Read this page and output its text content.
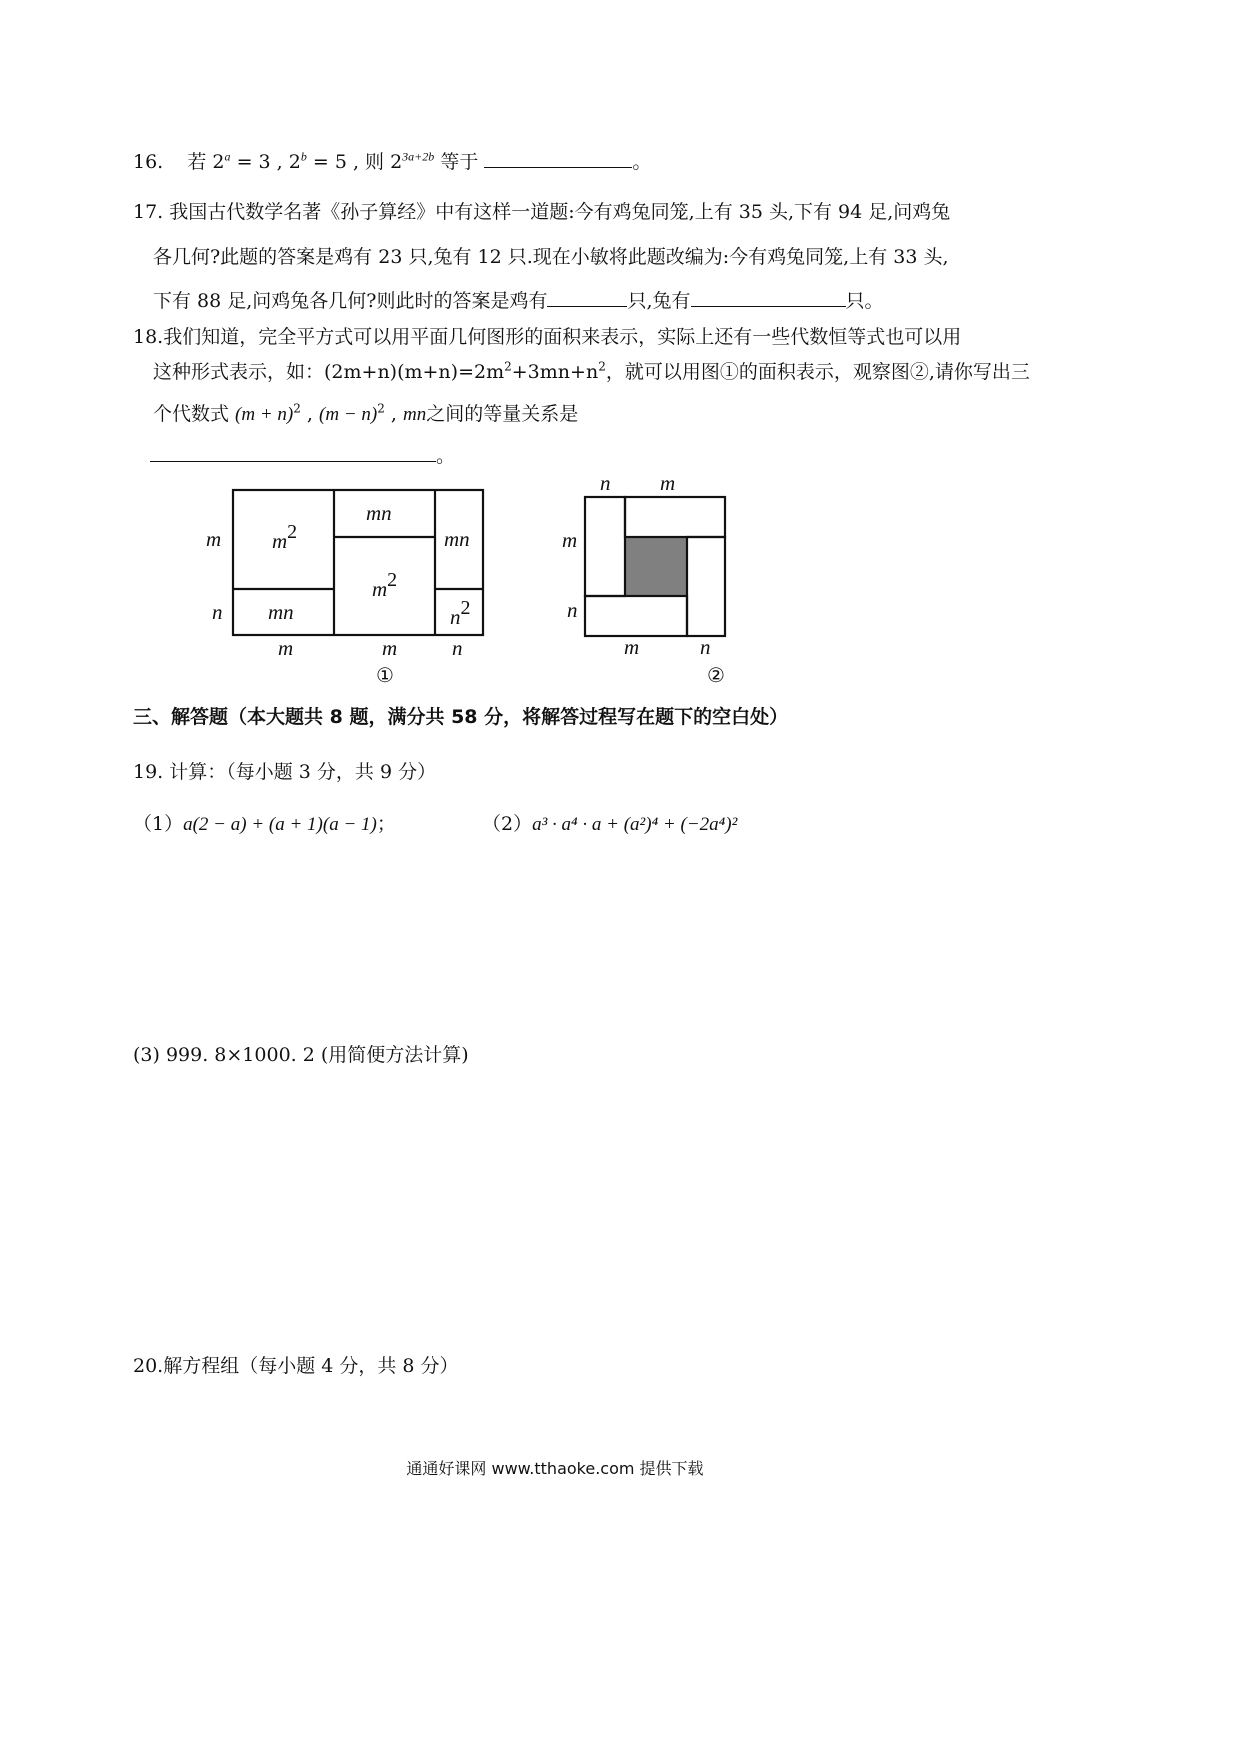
16. 若 $2^a = 3$ , $2^b = 5$ , 则 $2^{3a+2b}$ 等于	。
17. 我国古代数学名著《孙子算经》中有这样一道题:今有鸡兔同笼,上有 35 头,下有 94 足,问鸡兔
各几何?此题的答案是鸡有 23 只,兔有 12 只.现在小敏将此题改编为:今有鸡兔同笼,上有 33 头,
下有 88 足,问鸡兔各几何?则此时的答案是鸡有	只,兔有	只。
18.我们知道，完全平方式可以用平面几何图形的面积来表示，实际上还有一些代数恒等式也可以用
这种形式表示，如：$(2m+n)(m+n)=2m^2+3mn+n^2$，就可以用图①的面积表示，观察图②,请你写出三
个代数式 $(m + n)^2$ , $(m - n)^2$ , mn之间的等量关系是
。
m2
mn
m2
mn
mn	n2
m
n
m	m	n
①
n m
m
n
m	n
②
三、解答题（本大题共 8 题，满分共 58 分，将解答过程写在题下的空白处）
19. 计算：（每小题 3 分，共 9 分）
（1）a(2 − a) + (a + 1)(a − 1)；	（2）a³ · a⁴ · a + (a²)⁴ + (−2a⁴)²
(3) 999. 8×1000. 2 (用简便方法计算)
20.解方程组（每小题 4 分，共 8 分）
通通好课网 www.tthaoke.com 提供下载
